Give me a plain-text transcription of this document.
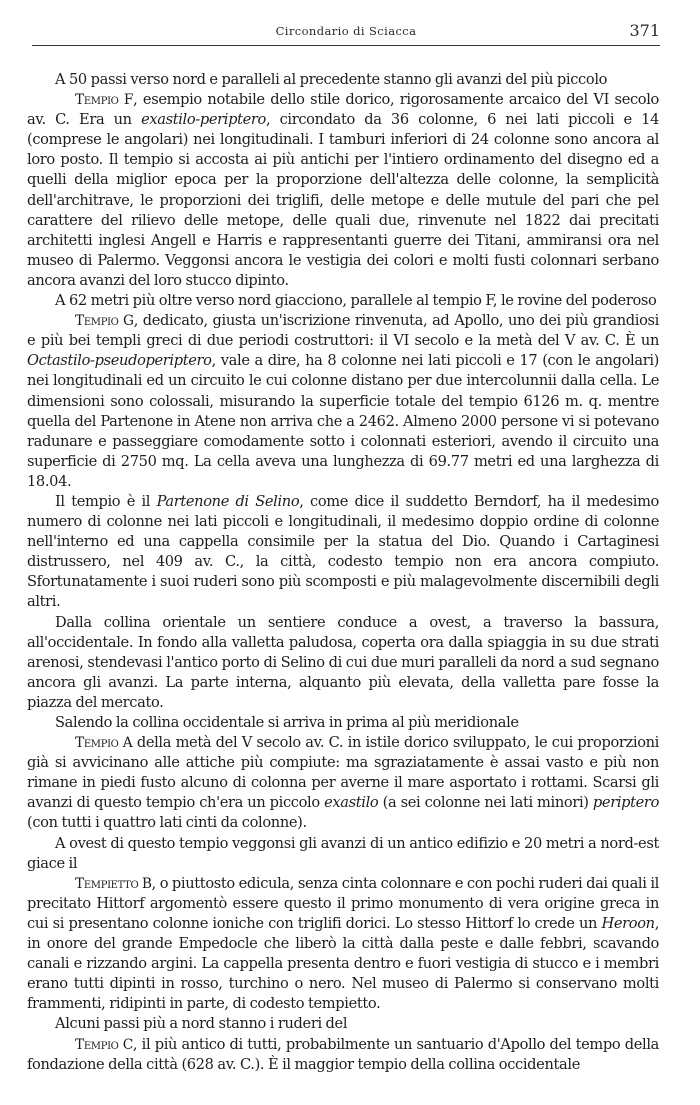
Circondario di Sciacca	371

A 50 passi verso nord e paralleli al precedente stanno gli avanzi del più piccolo

Tempio F, esempio notabile dello stile dorico, rigorosamente arcaico del VI secolo av. C. Era un exastilo-periptero, circondato da 36 colonne, 6 nei lati piccoli e 14 (comprese le angolari) nei longitudinali. I tamburi inferiori di 24 colonne sono ancora al loro posto. Il tempio si accosta ai più antichi per l'intiero ordinamento del disegno ed a quelli della miglior epoca per la proporzione dell'altezza delle colonne, la semplicità dell'architrave, le proporzioni dei triglifi, delle metope e delle mutule del pari che pel carattere del rilievo delle metope, delle quali due, rinvenute nel 1822 dai precitati architetti inglesi Angell e Harris e rappresentanti guerre dei Titani, ammiransi ora nel museo di Palermo. Veggonsi ancora le vestigia dei colori e molti fusti colonnari serbano ancora avanzi del loro stucco dipinto.

A 62 metri più oltre verso nord giacciono, parallele al tempio F, le rovine del poderoso

Tempio G, dedicato, giusta un'iscrizione rinvenuta, ad Apollo, uno dei più grandiosi e più bei templi greci di due periodi costruttori: il VI secolo e la metà del V av. C. È un Octastilo-pseudoperiptero, vale a dire, ha 8 colonne nei lati piccoli e 17 (con le angolari) nei longitudinali ed un circuito le cui colonne distano per due intercolunnii dalla cella. Le dimensioni sono colossali, misurando la superficie totale del tempio 6126 m. q. mentre quella del Partenone in Atene non arriva che a 2462. Almeno 2000 persone vi si potevano radunare e passeggiare comodamente sotto i colonnati esteriori, avendo il circuito una superficie di 2750 mq. La cella aveva una lunghezza di 69.77 metri ed una larghezza di 18.04.

Il tempio è il Partenone di Selino, come dice il suddetto Berndorf, ha il medesimo numero di colonne nei lati piccoli e longitudinali, il medesimo doppio ordine di colonne nell'interno ed una cappella consimile per la statua del Dio. Quando i Cartaginesi distrussero, nel 409 av. C., la città, codesto tempio non era ancora compiuto. Sfortunatamente i suoi ruderi sono più scomposti e più malagevolmente discernibili degli altri.

Dalla collina orientale un sentiere conduce a ovest, a traverso la bassura, all'occidentale. In fondo alla valletta paludosa, coperta ora dalla spiaggia in su due strati arenosi, stendevasi l'antico porto di Selino di cui due muri paralleli da nord a sud segnano ancora gli avanzi. La parte interna, alquanto più elevata, della valletta pare fosse la piazza del mercato.

Salendo la collina occidentale si arriva in prima al più meridionale

Tempio A della metà del V secolo av. C. in istile dorico sviluppato, le cui proporzioni già si avvicinano alle attiche più compiute: ma sgraziatamente è assai vasto e più non rimane in piedi fusto alcuno di colonna per averne il mare asportato i rottami. Scarsi gli avanzi di questo tempio ch'era un piccolo exastilo (a sei colonne nei lati minori) periptero (con tutti i quattro lati cinti da colonne).

A ovest di questo tempio veggonsi gli avanzi di un antico edifizio e 20 metri a nord-est giace il

Tempietto B, o piuttosto edicula, senza cinta colonnare e con pochi ruderi dai quali il precitato Hittorf argomentò essere questo il primo monumento di vera origine greca in cui si presentano colonne ioniche con triglifi dorici. Lo stesso Hittorf lo crede un Heroon, in onore del grande Empedocle che liberò la città dalla peste e dalle febbri, scavando canali e rizzando argini. La cappella presenta dentro e fuori vestigia di stucco e i membri erano tutti dipinti in rosso, turchino o nero. Nel museo di Palermo si conservano molti frammenti, ridipinti in parte, di codesto tempietto.

Alcuni passi più a nord stanno i ruderi del

Tempio C, il più antico di tutti, probabilmente un santuario d'Apollo del tempo della fondazione della città (628 av. C.). È il maggior tempio della collina occidentale
